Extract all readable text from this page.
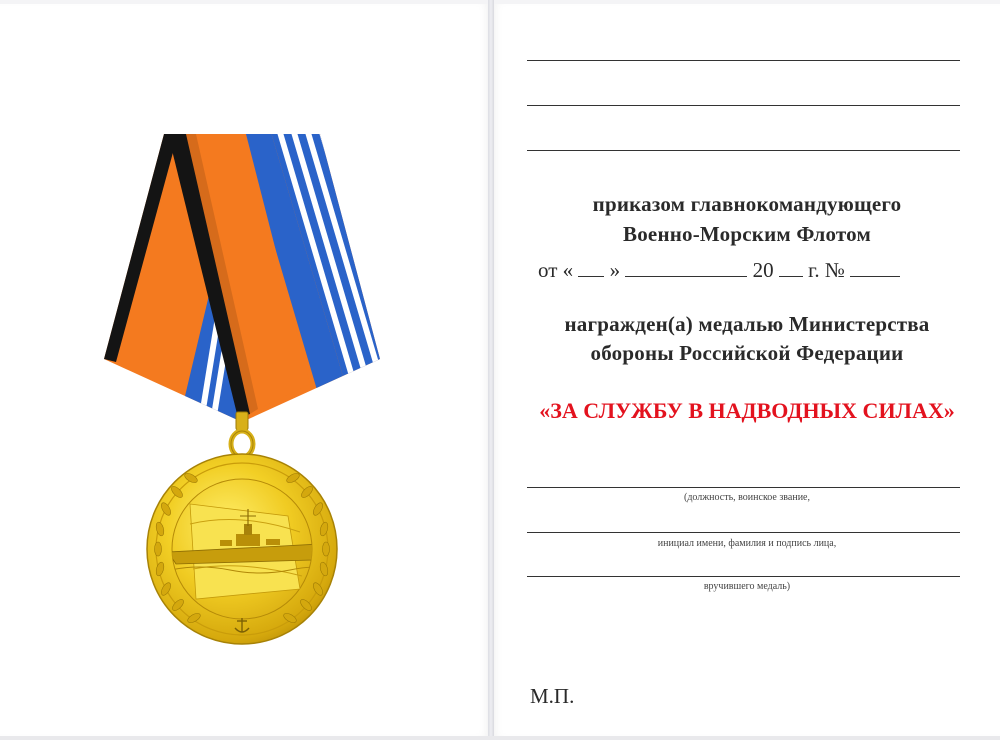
приказом главнокомандующего
Военно-Морским Флотом
от « »	20 г. №
награжден(а) медалью Министерства
обороны Российской Федерации
«ЗА СЛУЖБУ В НАДВОДНЫХ СИЛАХ»
(должность, воинское звание,
инициал имени, фамилия и подпись лица,
вручившего медаль)
М.П.
